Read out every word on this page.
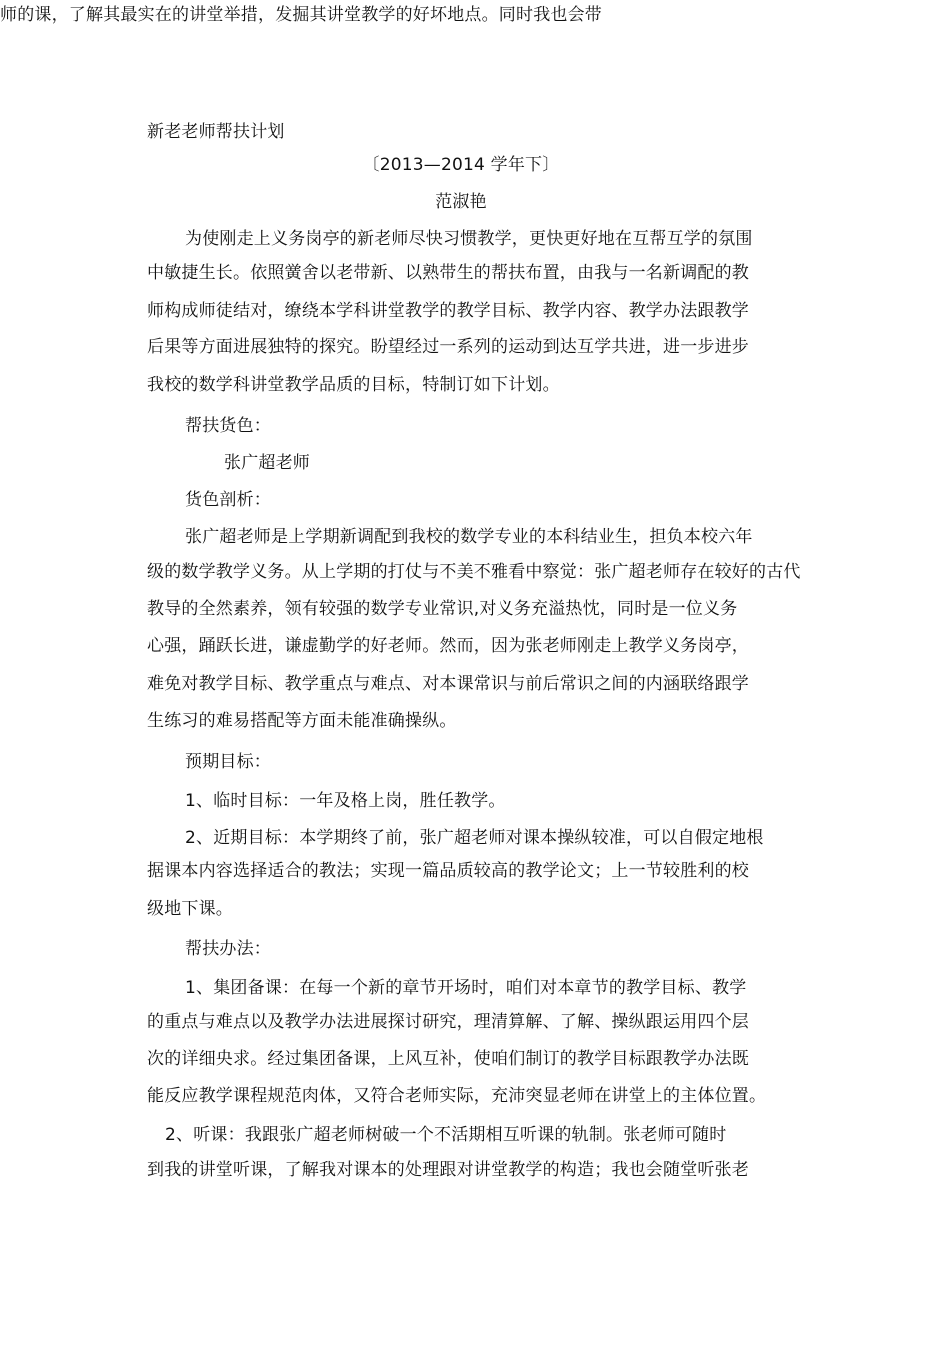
师的课，了解其最实在的讲堂举措，发掘其讲堂教学的好坏地点。同时我也会带
新老老师帮扶计划
〔2013—2014 学年下〕
范淑艳
为使刚走上义务岗亭的新老师尽快习惯教学，更快更好地在互帮互学的氛围
中敏捷生长。依照黉舍以老带新、以熟带生的帮扶布置，由我与一名新调配的教
师构成师徒结对，缭绕本学科讲堂教学的教学目标、教学内容、教学办法跟教学
后果等方面进展独特的探究。盼望经过一系列的运动到达互学共进，进一步进步
我校的数学科讲堂教学品质的目标，特制订如下计划。
帮扶货色：
张广超老师
货色剖析：
张广超老师是上学期新调配到我校的数学专业的本科结业生，担负本校六年
级的数学教学义务。从上学期的打仗与不美不雅看中察觉：张广超老师存在较好的古代
教导的全然素养，领有较强的数学专业常识,对义务充溢热忱，同时是一位义务
心强，踊跃长进，谦虚勤学的好老师。然而，因为张老师刚走上教学义务岗亭，
难免对教学目标、教学重点与难点、对本课常识与前后常识之间的内涵联络跟学
生练习的难易搭配等方面未能准确操纵。
预期目标：
1、临时目标：一年及格上岗，胜任教学。
2、近期目标：本学期终了前，张广超老师对课本操纵较准，可以自假定地根
据课本内容选择适合的教法；实现一篇品质较高的教学论文；上一节较胜利的校
级地下课。
帮扶办法：
1、集团备课：在每一个新的章节开场时，咱们对本章节的教学目标、教学
的重点与难点以及教学办法进展探讨研究，理清算解、了解、操纵跟运用四个层
次的详细央求。经过集团备课，上风互补，使咱们制订的教学目标跟教学办法既
能反应教学课程规范肉体，又符合老师实际，充沛突显老师在讲堂上的主体位置。
2、听课：我跟张广超老师树破一个不活期相互听课的轨制。张老师可随时
到我的讲堂听课，了解我对课本的处理跟对讲堂教学的构造；我也会随堂听张老
